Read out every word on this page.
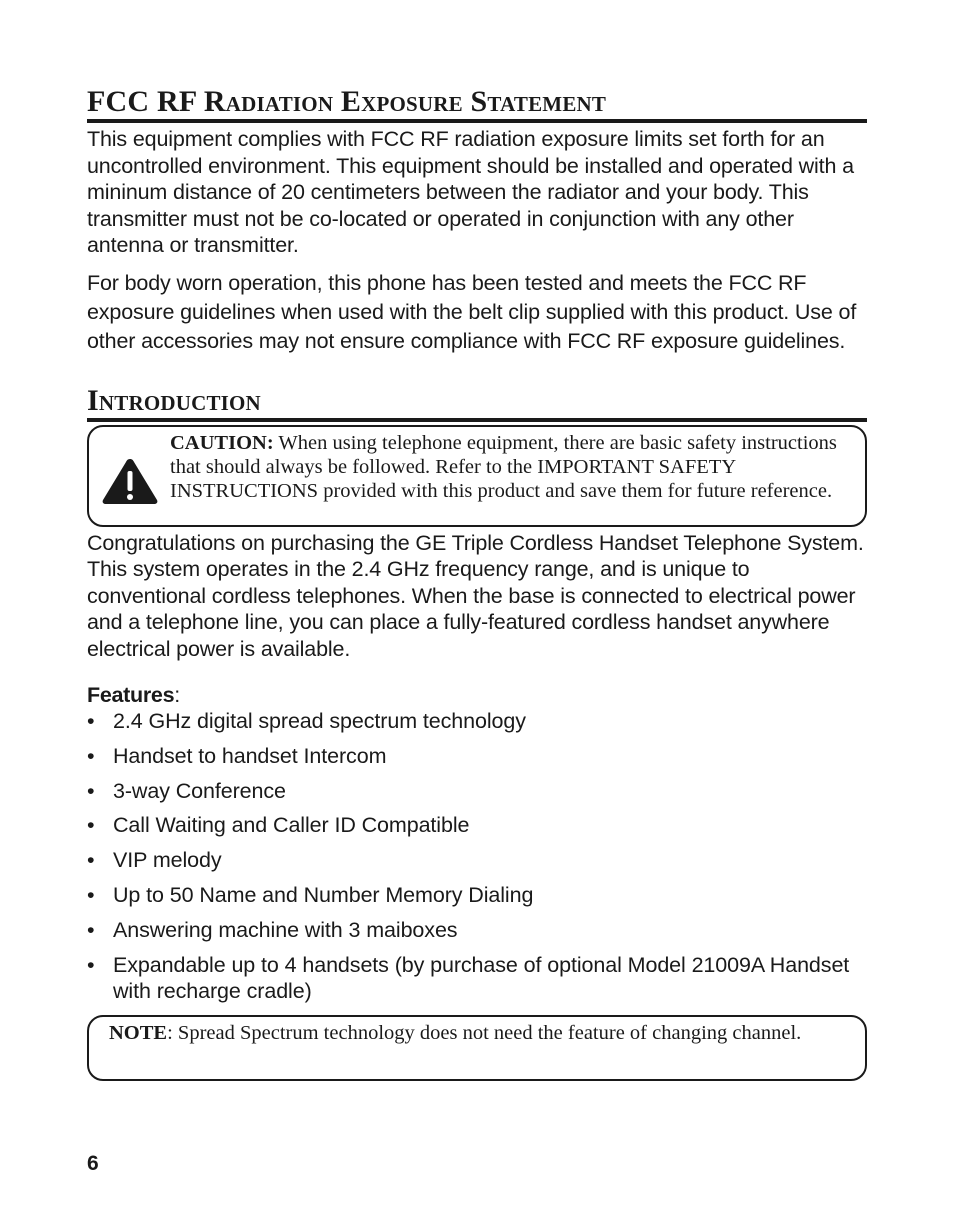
FCC RF Radiation Exposure Statement

This equipment complies with FCC RF radiation exposure limits set forth for an uncontrolled environment. This equipment should be installed and operated with a mininum distance of 20 centimeters between the radiator and your body. This transmitter must not be co-located or operated in conjunction with any other antenna or transmitter.

For body worn operation, this phone has been tested and meets the FCC RF exposure guidelines when used with the belt clip supplied with this product. Use of other accessories may not ensure compliance with FCC RF exposure guidelines.

Introduction
CAUTION: When using telephone equipment, there are basic safety instructions that should always be followed. Refer to the IMPORTANT SAFETY INSTRUCTIONS provided with this product and save them for future reference.

Congratulations on purchasing the GE Triple Cordless Handset Telephone System. This system operates in the 2.4 GHz frequency range, and is unique to conventional cordless telephones. When the base is connected to electrical power and a telephone line, you can place a fully-featured cordless handset anywhere electrical power is available.

Features:

• 2.4 GHz digital spread spectrum technology
• Handset to handset Intercom
• 3-way Conference
• Call Waiting and Caller ID Compatible
• VIP melody
• Up to 50 Name and Number Memory Dialing
• Answering machine with 3 maiboxes
• Expandable up to 4 handsets (by purchase of optional Model 21009A Handset with recharge cradle)
NOTE: Spread Spectrum technology does not need the feature of changing channel.
6
